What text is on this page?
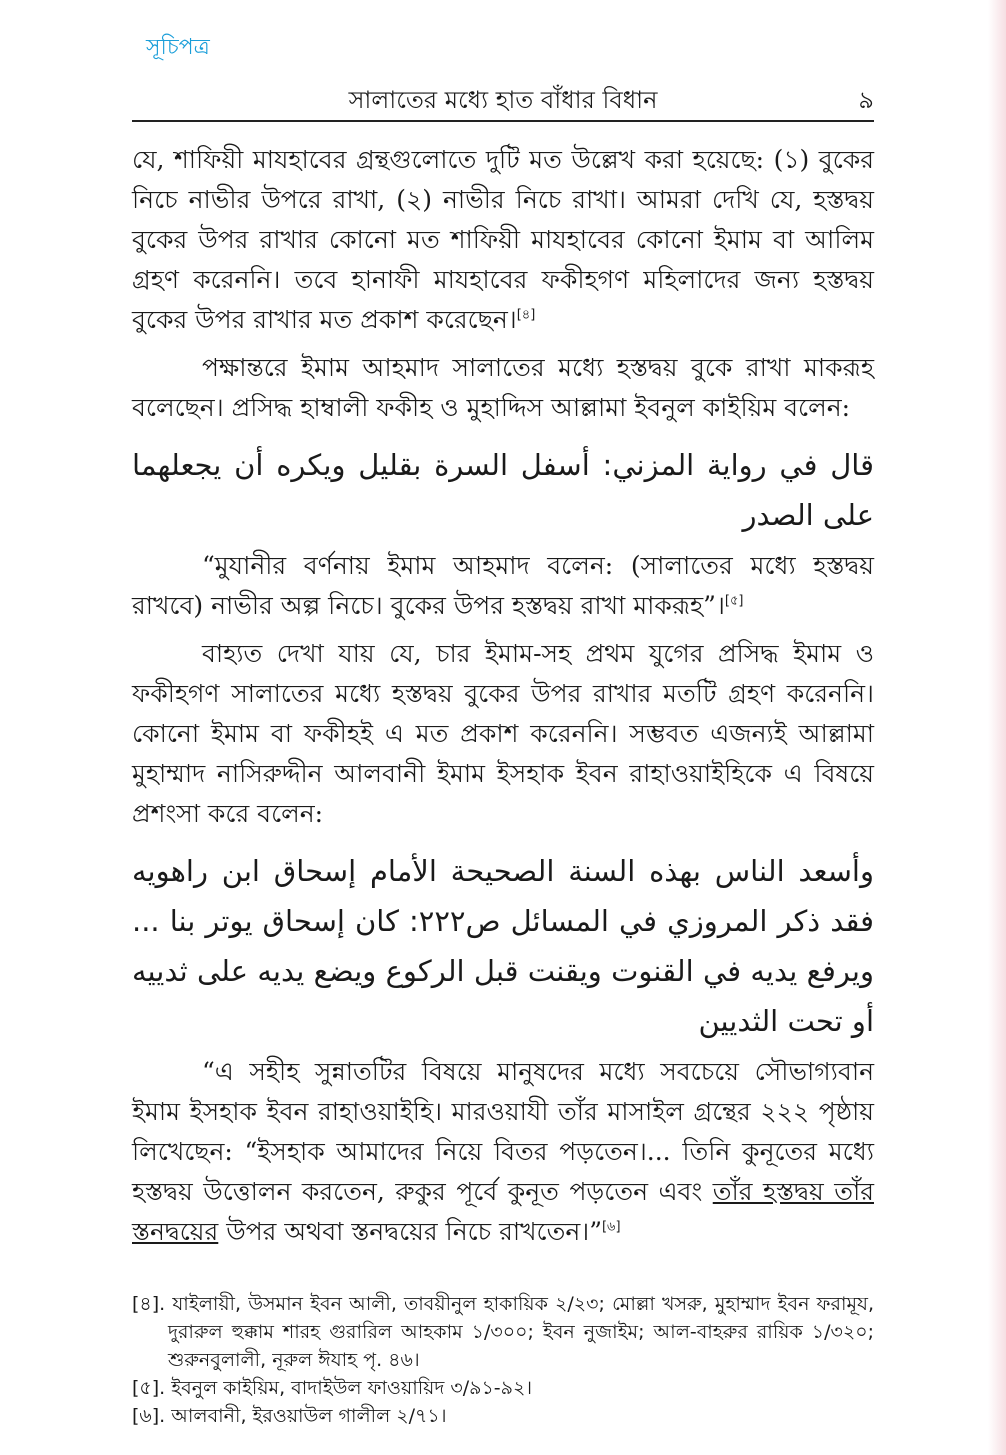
সূচিপত্র
সালাতের মধ্যে হাত বাঁধার বিধান	৯

যে, শাফিয়ী মাযহাবের গ্রন্থগুলোতে দুটি মত উল্লেখ করা হয়েছে: (১) বুকের নিচে নাভীর উপরে রাখা, (২) নাভীর নিচে রাখা। আমরা দেখি যে, হস্তদ্বয় বুকের উপর রাখার কোনো মত শাফিয়ী মাযহাবের কোনো ইমাম বা আলিম গ্রহণ করেননি। তবে হানাফী মাযহাবের ফকীহগণ মহিলাদের জন্য হস্তদ্বয় বুকের উপর রাখার মত প্রকাশ করেছেন।[৪]

পক্ষান্তরে ইমাম আহমাদ সালাতের মধ্যে হস্তদ্বয় বুকে রাখা মাকরূহ বলেছেন। প্রসিদ্ধ হাম্বালী ফকীহ ও মুহাদ্দিস আল্লামা ইবনুল কাইয়িম বলেন:

قال في رواية المزني: أسفل السرة بقليل ويكره أن يجعلهما على الصدر

“মুযানীর বর্ণনায় ইমাম আহমাদ বলেন: (সালাতের মধ্যে হস্তদ্বয় রাখবে) নাভীর অল্প নিচে। বুকের উপর হস্তদ্বয় রাখা মাকরূহ”।[৫]

বাহ্যত দেখা যায় যে, চার ইমাম-সহ প্রথম যুগের প্রসিদ্ধ ইমাম ও ফকীহগণ সালাতের মধ্যে হস্তদ্বয় বুকের উপর রাখার মতটি গ্রহণ করেননি। কোনো ইমাম বা ফকীহই এ মত প্রকাশ করেননি। সম্ভবত এজন্যই আল্লামা মুহাম্মাদ নাসিরুদ্দীন আলবানী ইমাম ইসহাক ইবন রাহাওয়াইহিকে এ বিষয়ে প্রশংসা করে বলেন:

وأسعد الناس بهذه السنة الصحيحة الأمام إسحاق ابن راهويه فقد ذكر المروزي في المسائل ص٢٢٢: كان إسحاق يوتر بنا ... ويرفع يديه في القنوت ويقنت قبل الركوع ويضع يديه على ثدييه أو تحت الثديين

“এ সহীহ সুন্নাতটির বিষয়ে মানুষদের মধ্যে সবচেয়ে সৌভাগ্যবান ইমাম ইসহাক ইবন রাহাওয়াইহি। মারওয়াযী তাঁর মাসাইল গ্রন্থের ২২২ পৃষ্ঠায় লিখেছেন: “ইসহাক আমাদের নিয়ে বিতর পড়তেন।... তিনি কুনূতের মধ্যে হস্তদ্বয় উত্তোলন করতেন, রুকুর পূর্বে কুনূত পড়তেন এবং তাঁর হস্তদ্বয় তাঁর স্তনদ্বয়ের উপর অথবা স্তনদ্বয়ের নিচে রাখতেন।”[৬]

[৪]. যাইলায়ী, উসমান ইবন আলী, তাবয়ীনুল হাকায়িক ২/২৩; মোল্লা খসরু, মুহাম্মাদ ইবন ফরামূয, দুরারুল হুক্কাম শারহ গুরারিল আহকাম ১/৩০০; ইবন নুজাইম; আল-বাহরুর রায়িক ১/৩২০; শুরুনবুলালী, নূরুল ঈযাহ পৃ. ৪৬।

[৫]. ইবনুল কাইয়িম, বাদাইউল ফাওয়ায়িদ ৩/৯১-৯২।

[৬]. আলবানী, ইরওয়াউল গালীল ২/৭১।
